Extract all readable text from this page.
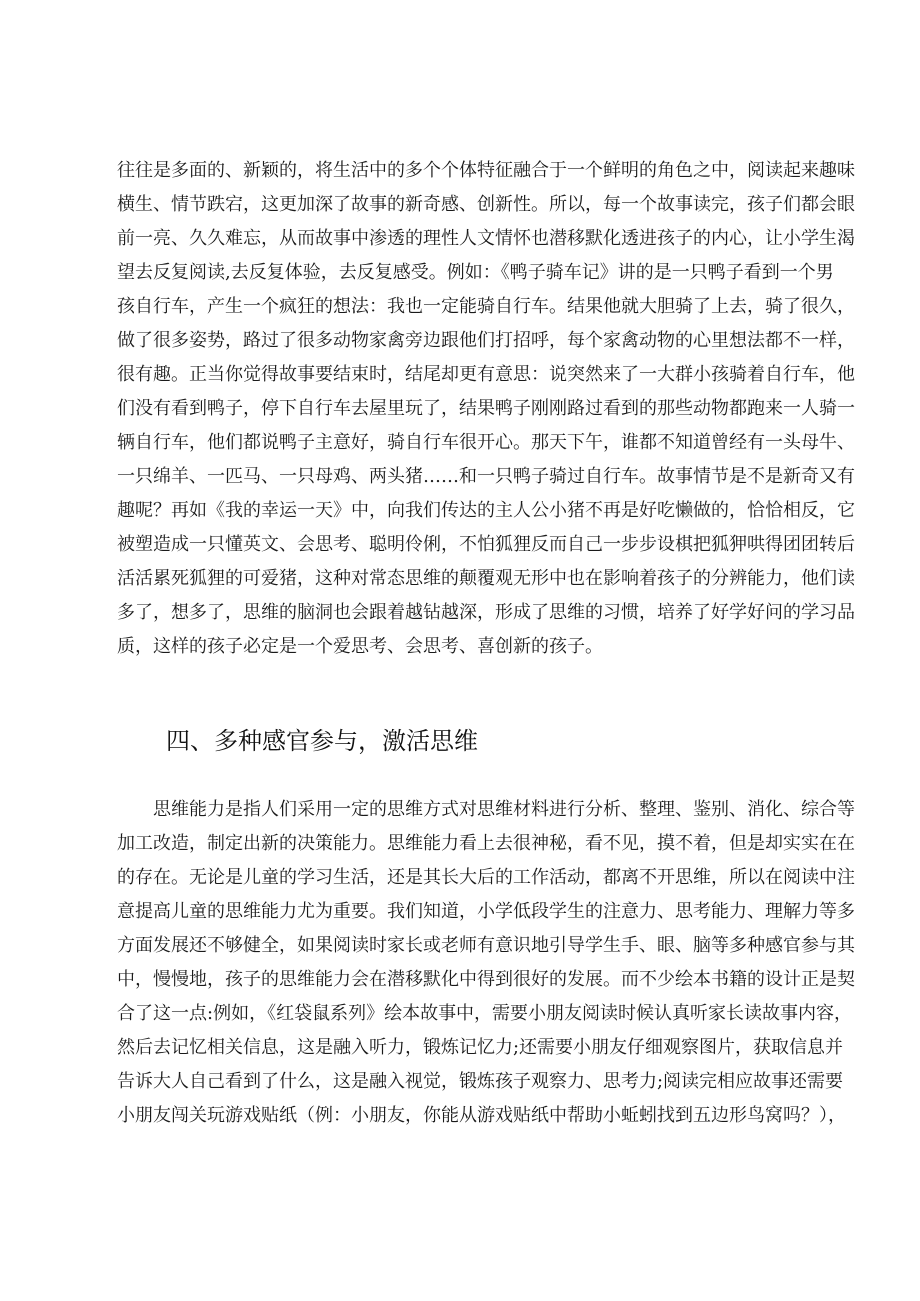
往往是多面的、新颖的，将生活中的多个个体特征融合于一个鲜明的角色之中，阅读起来趣味
横生、情节跌宕，这更加深了故事的新奇感、创新性。所以，每一个故事读完，孩子们都会眼
前一亮、久久难忘，从而故事中渗透的理性人文情怀也潜移默化透进孩子的内心，让小学生渴
望去反复阅读,去反复体验，去反复感受。例如：《鸭子骑车记》讲的是一只鸭子看到一个男
孩自行车，产生一个疯狂的想法：我也一定能骑自行车。结果他就大胆骑了上去，骑了很久，
做了很多姿势，路过了很多动物家禽旁边跟他们打招呼，每个家禽动物的心里想法都不一样，
很有趣。正当你觉得故事要结束时，结尾却更有意思：说突然来了一大群小孩骑着自行车，他
们没有看到鸭子，停下自行车去屋里玩了，结果鸭子刚刚路过看到的那些动物都跑来一人骑一
辆自行车，他们都说鸭子主意好，骑自行车很开心。那天下午，谁都不知道曾经有一头母牛、
一只绵羊、一匹马、一只母鸡、两头猪……和一只鸭子骑过自行车。故事情节是不是新奇又有
趣呢？再如《我的幸运一天》中，向我们传达的主人公小猪不再是好吃懒做的，恰恰相反，它
被塑造成一只懂英文、会思考、聪明伶俐，不怕狐狸反而自己一步步设棋把狐狎哄得团团转后
活活累死狐狸的可爱猪，这种对常态思维的颠覆观无形中也在影响着孩子的分辨能力，他们读
多了，想多了，思维的脑洞也会跟着越钻越深，形成了思维的习惯，培养了好学好问的学习品
质，这样的孩子必定是一个爱思考、会思考、喜创新的孩子。
四、多种感官参与，激活思维
　　思维能力是指人们采用一定的思维方式对思维材料进行分析、整理、鉴别、消化、综合等
加工改造，制定出新的决策能力。思维能力看上去很神秘，看不见，摸不着，但是却实实在在
的存在。无论是儿童的学习生活，还是其长大后的工作活动，都离不开思维，所以在阅读中注
意提高儿童的思维能力尤为重要。我们知道，小学低段学生的注意力、思考能力、理解力等多
方面发展还不够健全，如果阅读时家长或老师有意识地引导学生手、眼、脑等多种感官参与其
中，慢慢地，孩子的思维能力会在潜移默化中得到很好的发展。而不少绘本书籍的设计正是契
合了这一点:例如，《红袋鼠系列》绘本故事中，需要小朋友阅读时候认真听家长读故事内容，
然后去记忆相关信息，这是融入听力，锻炼记忆力;还需要小朋友仔细观察图片，获取信息并
告诉大人自己看到了什么，这是融入视觉，锻炼孩子观察力、思考力;阅读完相应故事还需要
小朋友闯关玩游戏贴纸（例：小朋友，你能从游戏贴纸中帮助小蚯蚓找到五边形鸟窝吗？），
